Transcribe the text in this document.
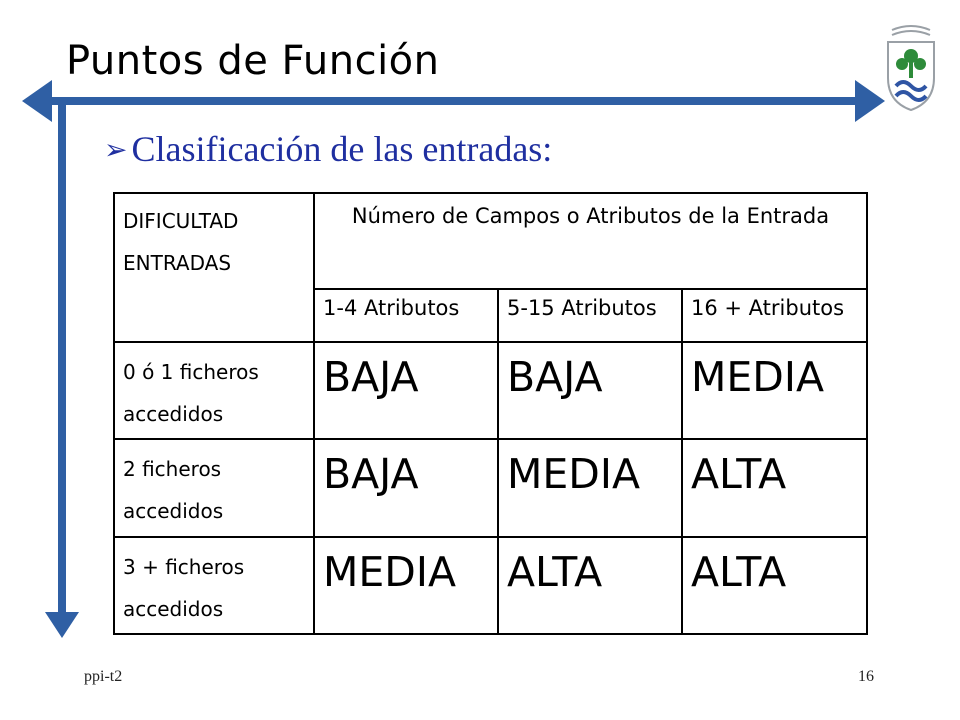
Puntos de Función
➢ Clasificación de las entradas:
DIFICULTAD
ENTRADAS	Número de Campos o Atributos de la Entrada		
	1-4 Atributos	5-15 Atributos	16 + Atributos

0 ó 1 ficheros
accedidos	BAJA	BAJA	MEDIA

2 ficheros
accedidos	BAJA	MEDIA	ALTA

3 + ficheros
accedidos	MEDIA	ALTA	ALTA
ppi-t2	16
